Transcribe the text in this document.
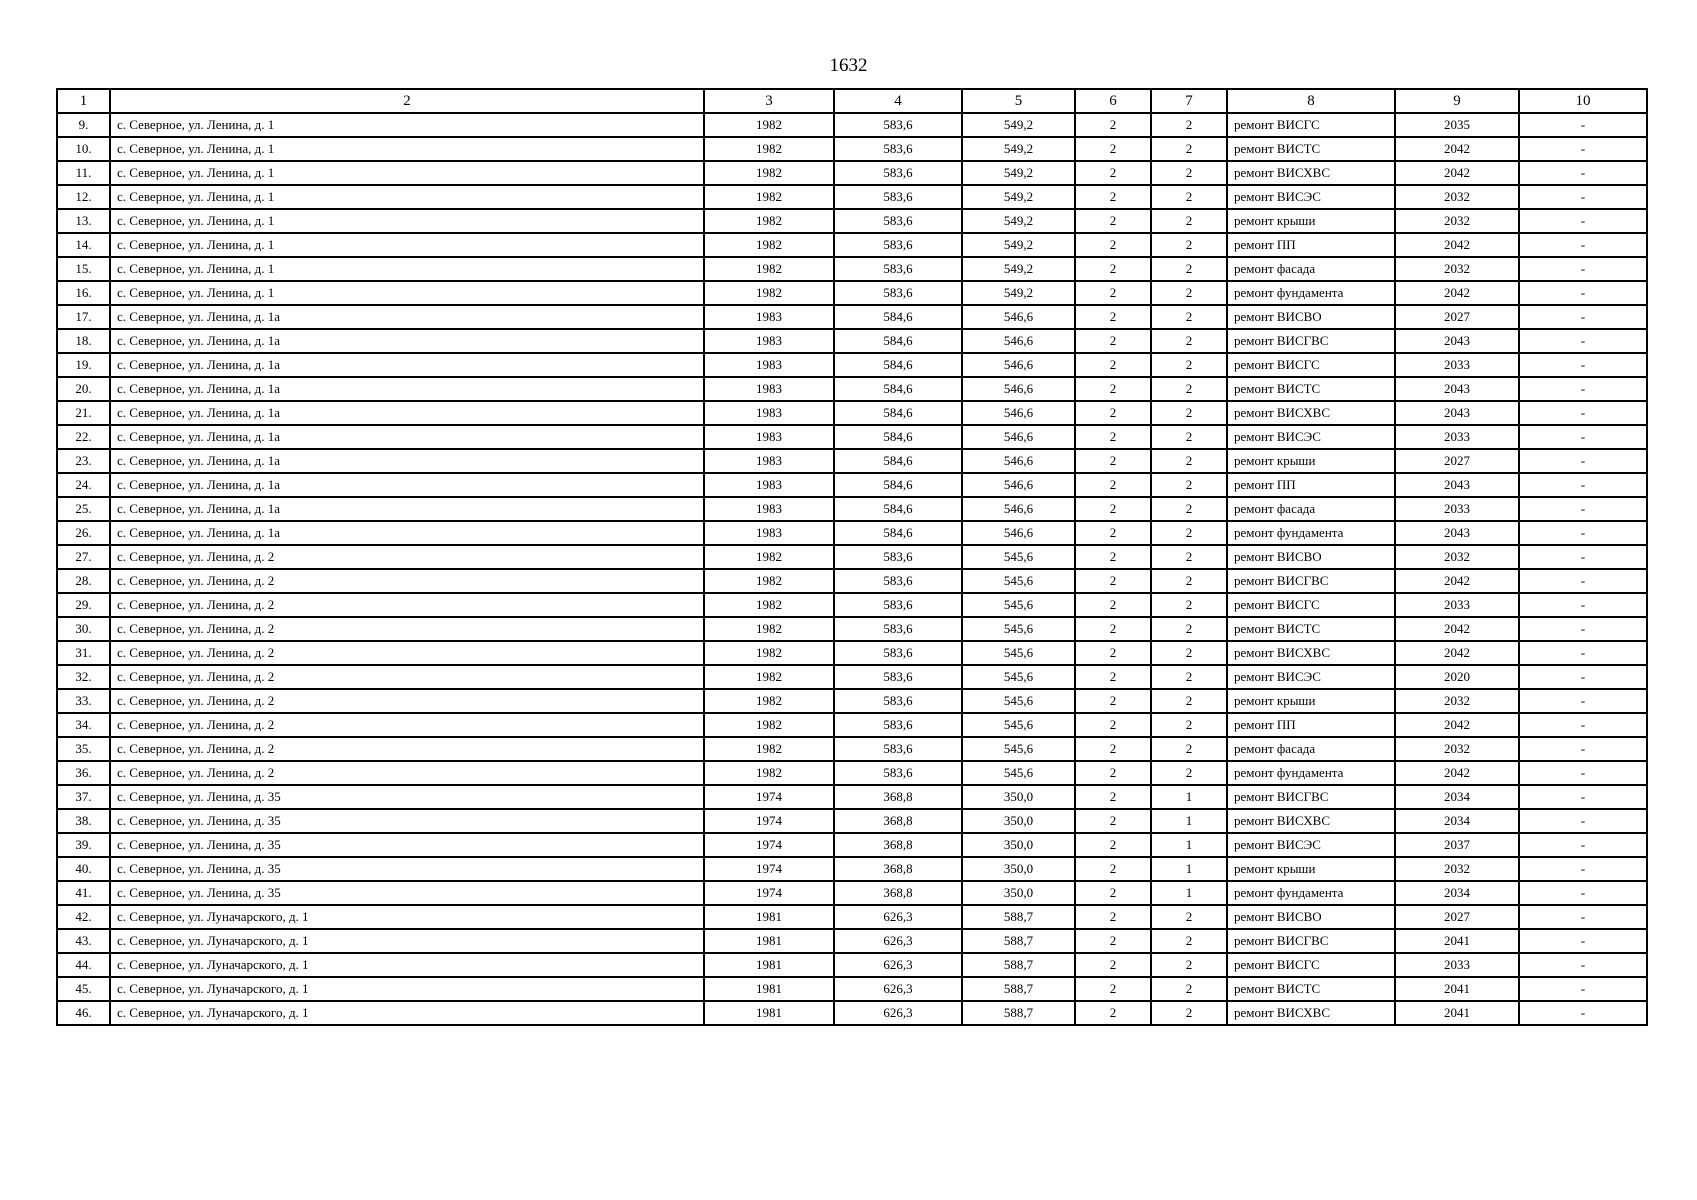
1632
1	2	3	4	5	6	7	8	9	10
9.	с. Северное, ул. Ленина, д. 1	1982	583,6	549,2	2	2	ремонт ВИСГС	2035	-
10.	с. Северное, ул. Ленина, д. 1	1982	583,6	549,2	2	2	ремонт ВИСТС	2042	-
11.	с. Северное, ул. Ленина, д. 1	1982	583,6	549,2	2	2	ремонт ВИСХВС	2042	-
12.	с. Северное, ул. Ленина, д. 1	1982	583,6	549,2	2	2	ремонт ВИСЭС	2032	-
13.	с. Северное, ул. Ленина, д. 1	1982	583,6	549,2	2	2	ремонт крыши	2032	-
14.	с. Северное, ул. Ленина, д. 1	1982	583,6	549,2	2	2	ремонт ПП	2042	-
15.	с. Северное, ул. Ленина, д. 1	1982	583,6	549,2	2	2	ремонт фасада	2032	-
16.	с. Северное, ул. Ленина, д. 1	1982	583,6	549,2	2	2	ремонт фундамента	2042	-
17.	с. Северное, ул. Ленина, д. 1а	1983	584,6	546,6	2	2	ремонт ВИСВО	2027	-
18.	с. Северное, ул. Ленина, д. 1а	1983	584,6	546,6	2	2	ремонт ВИСГВС	2043	-
19.	с. Северное, ул. Ленина, д. 1а	1983	584,6	546,6	2	2	ремонт ВИСГС	2033	-
20.	с. Северное, ул. Ленина, д. 1а	1983	584,6	546,6	2	2	ремонт ВИСТС	2043	-
21.	с. Северное, ул. Ленина, д. 1а	1983	584,6	546,6	2	2	ремонт ВИСХВС	2043	-
22.	с. Северное, ул. Ленина, д. 1а	1983	584,6	546,6	2	2	ремонт ВИСЭС	2033	-
23.	с. Северное, ул. Ленина, д. 1а	1983	584,6	546,6	2	2	ремонт крыши	2027	-
24.	с. Северное, ул. Ленина, д. 1а	1983	584,6	546,6	2	2	ремонт ПП	2043	-
25.	с. Северное, ул. Ленина, д. 1а	1983	584,6	546,6	2	2	ремонт фасада	2033	-
26.	с. Северное, ул. Ленина, д. 1а	1983	584,6	546,6	2	2	ремонт фундамента	2043	-
27.	с. Северное, ул. Ленина, д. 2	1982	583,6	545,6	2	2	ремонт ВИСВО	2032	-
28.	с. Северное, ул. Ленина, д. 2	1982	583,6	545,6	2	2	ремонт ВИСГВС	2042	-
29.	с. Северное, ул. Ленина, д. 2	1982	583,6	545,6	2	2	ремонт ВИСГС	2033	-
30.	с. Северное, ул. Ленина, д. 2	1982	583,6	545,6	2	2	ремонт ВИСТС	2042	-
31.	с. Северное, ул. Ленина, д. 2	1982	583,6	545,6	2	2	ремонт ВИСХВС	2042	-
32.	с. Северное, ул. Ленина, д. 2	1982	583,6	545,6	2	2	ремонт ВИСЭС	2020	-
33.	с. Северное, ул. Ленина, д. 2	1982	583,6	545,6	2	2	ремонт крыши	2032	-
34.	с. Северное, ул. Ленина, д. 2	1982	583,6	545,6	2	2	ремонт ПП	2042	-
35.	с. Северное, ул. Ленина, д. 2	1982	583,6	545,6	2	2	ремонт фасада	2032	-
36.	с. Северное, ул. Ленина, д. 2	1982	583,6	545,6	2	2	ремонт фундамента	2042	-
37.	с. Северное, ул. Ленина, д. 35	1974	368,8	350,0	2	1	ремонт ВИСГВС	2034	-
38.	с. Северное, ул. Ленина, д. 35	1974	368,8	350,0	2	1	ремонт ВИСХВС	2034	-
39.	с. Северное, ул. Ленина, д. 35	1974	368,8	350,0	2	1	ремонт ВИСЭС	2037	-
40.	с. Северное, ул. Ленина, д. 35	1974	368,8	350,0	2	1	ремонт крыши	2032	-
41.	с. Северное, ул. Ленина, д. 35	1974	368,8	350,0	2	1	ремонт фундамента	2034	-
42.	с. Северное, ул. Луначарского, д. 1	1981	626,3	588,7	2	2	ремонт ВИСВО	2027	-
43.	с. Северное, ул. Луначарского, д. 1	1981	626,3	588,7	2	2	ремонт ВИСГВС	2041	-
44.	с. Северное, ул. Луначарского, д. 1	1981	626,3	588,7	2	2	ремонт ВИСГС	2033	-
45.	с. Северное, ул. Луначарского, д. 1	1981	626,3	588,7	2	2	ремонт ВИСТС	2041	-
46.	с. Северное, ул. Луначарского, д. 1	1981	626,3	588,7	2	2	ремонт ВИСХВС	2041	-
